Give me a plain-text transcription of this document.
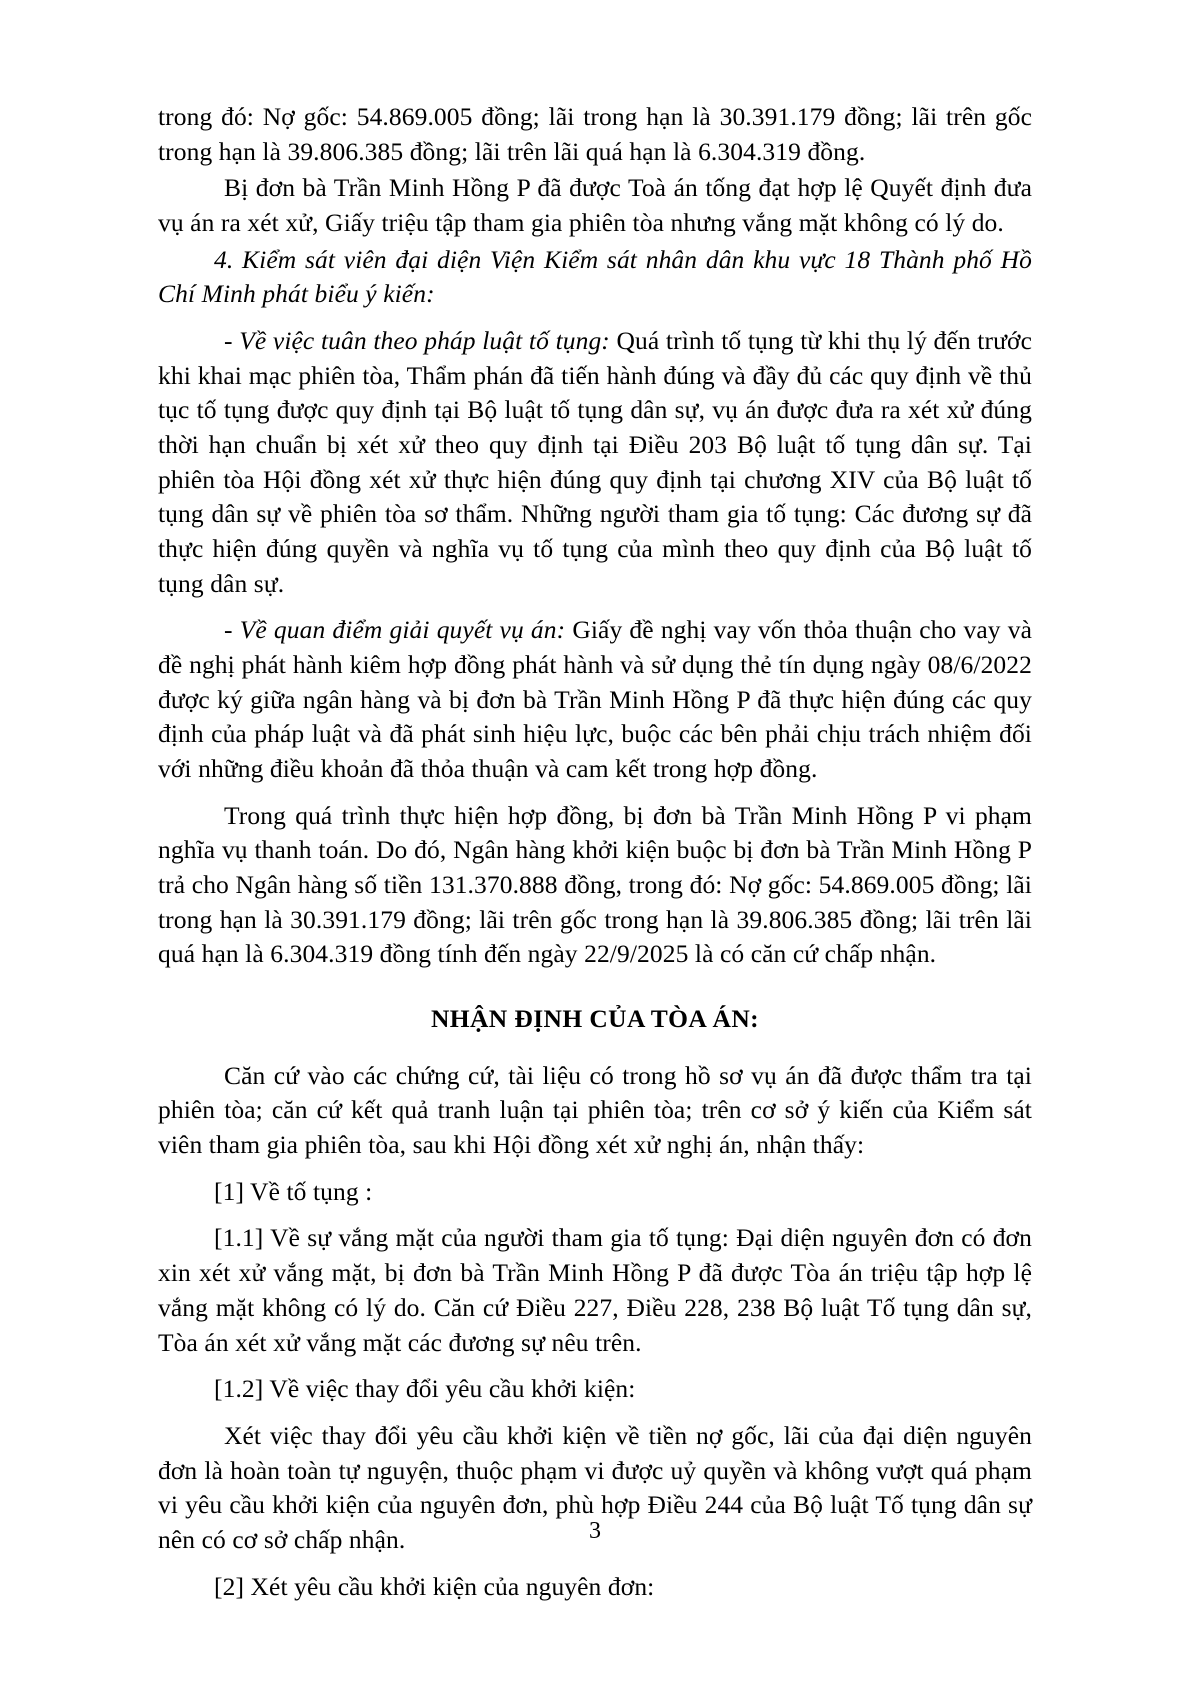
trong đó: Nợ gốc: 54.869.005 đồng; lãi trong hạn là 30.391.179 đồng; lãi trên gốc trong hạn là 39.806.385 đồng; lãi trên lãi quá hạn là 6.304.319 đồng.

Bị đơn bà Trần Minh Hồng P đã được Toà án tống đạt hợp lệ Quyết định đưa vụ án ra xét xử, Giấy triệu tập tham gia phiên tòa nhưng vắng mặt không có lý do.

4. Kiểm sát viên đại diện Viện Kiểm sát nhân dân khu vực 18 Thành phố Hồ Chí Minh phát biểu ý kiến:

- Về việc tuân theo pháp luật tố tụng: Quá trình tố tụng từ khi thụ lý đến trước khi khai mạc phiên tòa, Thẩm phán đã tiến hành đúng và đầy đủ các quy định về thủ tục tố tụng được quy định tại Bộ luật tố tụng dân sự, vụ án được đưa ra xét xử đúng thời hạn chuẩn bị xét xử theo quy định tại Điều 203 Bộ luật tố tụng dân sự. Tại phiên tòa Hội đồng xét xử thực hiện đúng quy định tại chương XIV của Bộ luật tố tụng dân sự về phiên tòa sơ thẩm. Những người tham gia tố tụng: Các đương sự đã thực hiện đúng quyền và nghĩa vụ tố tụng của mình theo quy định của Bộ luật tố tụng dân sự.

- Về quan điểm giải quyết vụ án: Giấy đề nghị vay vốn thỏa thuận cho vay và đề nghị phát hành kiêm hợp đồng phát hành và sử dụng thẻ tín dụng ngày 08/6/2022 được ký giữa ngân hàng và bị đơn bà Trần Minh Hồng P đã thực hiện đúng các quy định của pháp luật và đã phát sinh hiệu lực, buộc các bên phải chịu trách nhiệm đối với những điều khoản đã thỏa thuận và cam kết trong hợp đồng.

Trong quá trình thực hiện hợp đồng, bị đơn bà Trần Minh Hồng P vi phạm nghĩa vụ thanh toán. Do đó, Ngân hàng khởi kiện buộc bị đơn bà Trần Minh Hồng P trả cho Ngân hàng số tiền 131.370.888 đồng, trong đó: Nợ gốc: 54.869.005 đồng; lãi trong hạn là 30.391.179 đồng; lãi trên gốc trong hạn là 39.806.385 đồng; lãi trên lãi quá hạn là 6.304.319 đồng tính đến ngày 22/9/2025 là có căn cứ chấp nhận.

NHẬN ĐỊNH CỦA TÒA ÁN:

Căn cứ vào các chứng cứ, tài liệu có trong hồ sơ vụ án đã được thẩm tra tại phiên tòa; căn cứ kết quả tranh luận tại phiên tòa; trên cơ sở ý kiến của Kiểm sát viên tham gia phiên tòa, sau khi Hội đồng xét xử nghị án, nhận thấy:

[1] Về tố tụng :

[1.1] Về sự vắng mặt của người tham gia tố tụng: Đại diện nguyên đơn có đơn xin xét xử vắng mặt, bị đơn bà Trần Minh Hồng P đã được Tòa án triệu tập hợp lệ vắng mặt không có lý do. Căn cứ Điều 227, Điều 228, 238 Bộ luật Tố tụng dân sự, Tòa án xét xử vắng mặt các đương sự nêu trên.

[1.2] Về việc thay đổi yêu cầu khởi kiện:

Xét việc thay đổi yêu cầu khởi kiện về tiền nợ gốc, lãi của đại diện nguyên đơn là hoàn toàn tự nguyện, thuộc phạm vi được uỷ quyền và không vượt quá phạm vi yêu cầu khởi kiện của nguyên đơn, phù hợp Điều 244 của Bộ luật Tố tụng dân sự nên có cơ sở chấp nhận.

[2] Xét yêu cầu khởi kiện của nguyên đơn:

3
